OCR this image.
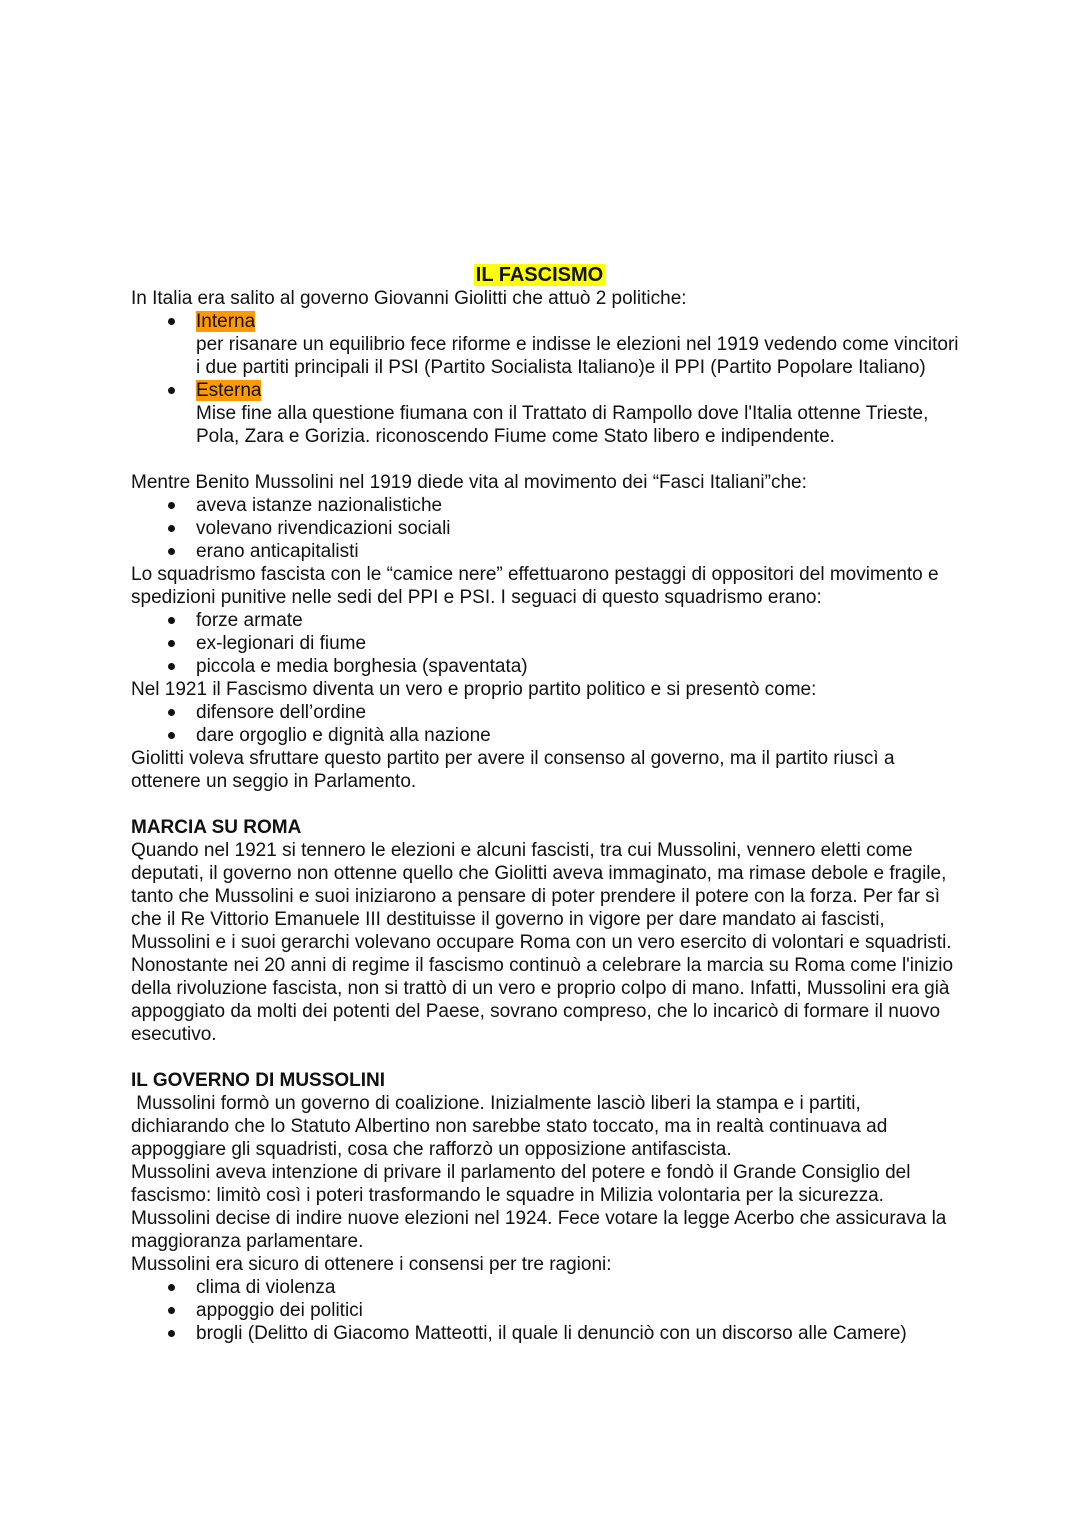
IL FASCISMO

In Italia era salito al governo Giovanni Giolitti che attuò 2 politiche:

Interna
per risanare un equilibrio fece riforme e indisse le elezioni nel 1919 vedendo come vincitori i due partiti principali il PSI (Partito Socialista Italiano)e il PPI (Partito Popolare Italiano)
Esterna
Mise fine alla questione fiumana con il Trattato di Rampollo dove l'Italia ottenne Trieste, Pola, Zara e Gorizia. riconoscendo Fiume come Stato libero e indipendente.

Mentre Benito Mussolini nel 1919 diede vita al movimento dei “Fasci Italiani”che:

aveva istanze nazionalistiche
volevano rivendicazioni sociali
erano anticapitalisti

Lo squadrismo fascista con le “camice nere” effettuarono pestaggi di oppositori del movimento e spedizioni punitive nelle sedi del PPI e PSI. I seguaci di questo squadrismo erano:

forze armate
ex-legionari di fiume
piccola e media borghesia (spaventata)

Nel 1921 il Fascismo diventa un vero e proprio partito politico e si presentò come:

difensore dell’ordine
dare orgoglio e dignità alla nazione

Giolitti voleva sfruttare questo partito per avere il consenso al governo, ma il partito riuscì a ottenere un seggio in Parlamento.

MARCIA SU ROMA

Quando nel 1921 si tennero le elezioni e alcuni fascisti, tra cui Mussolini, vennero eletti come deputati, il governo non ottenne quello che Giolitti aveva immaginato, ma rimase debole e fragile, tanto che Mussolini e suoi iniziarono a pensare di poter prendere il potere con la forza. Per far sì che il Re Vittorio Emanuele III destituisse il governo in vigore per dare mandato ai fascisti, Mussolini e i suoi gerarchi volevano occupare Roma con un vero esercito di volontari e squadristi. Nonostante nei 20 anni di regime il fascismo continuò a celebrare la marcia su Roma come l'inizio della rivoluzione fascista, non si trattò di un vero e proprio colpo di mano. Infatti, Mussolini era già appoggiato da molti dei potenti del Paese, sovrano compreso, che lo incaricò di formare il nuovo esecutivo.

IL GOVERNO DI MUSSOLINI

Mussolini formò un governo di coalizione. Inizialmente lasciò liberi la stampa e i partiti, dichiarando che lo Statuto Albertino non sarebbe stato toccato, ma in realtà continuava ad appoggiare gli squadristi, cosa che rafforzò un opposizione antifascista.

Mussolini aveva intenzione di privare il parlamento del potere e fondò il Grande Consiglio del fascismo: limitò così i poteri trasformando le squadre in Milizia volontaria per la sicurezza.

Mussolini decise di indire nuove elezioni nel 1924. Fece votare la legge Acerbo che assicurava la maggioranza parlamentare.

Mussolini era sicuro di ottenere i consensi per tre ragioni:

clima di violenza
appoggio dei politici
brogli (Delitto di Giacomo Matteotti, il quale li denunciò con un discorso alle Camere)
